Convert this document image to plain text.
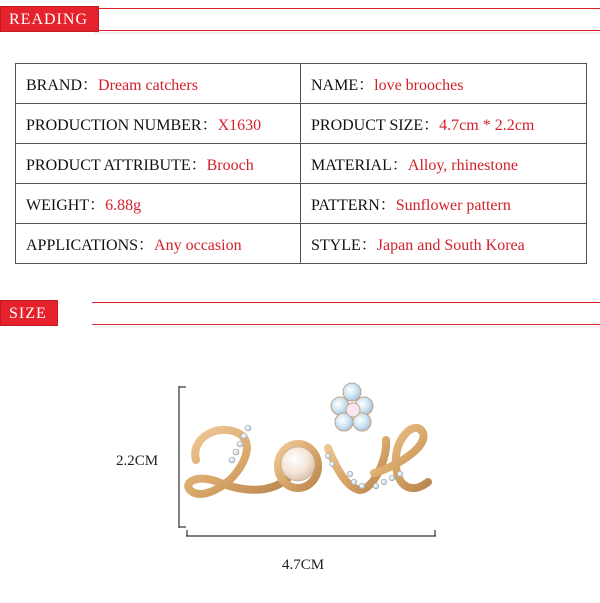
READING
BRAND：Dream catchers	NAME：love brooches
PRODUCTION NUMBER：X1630	PRODUCT SIZE：4.7cm * 2.2cm
PRODUCT ATTRIBUTE：Brooch	MATERIAL：Alloy, rhinestone
WEIGHT：6.88g	PATTERN：Sunflower pattern
APPLICATIONS：Any occasion	STYLE：Japan and South Korea
SIZE
2.2CM
4.7CM
